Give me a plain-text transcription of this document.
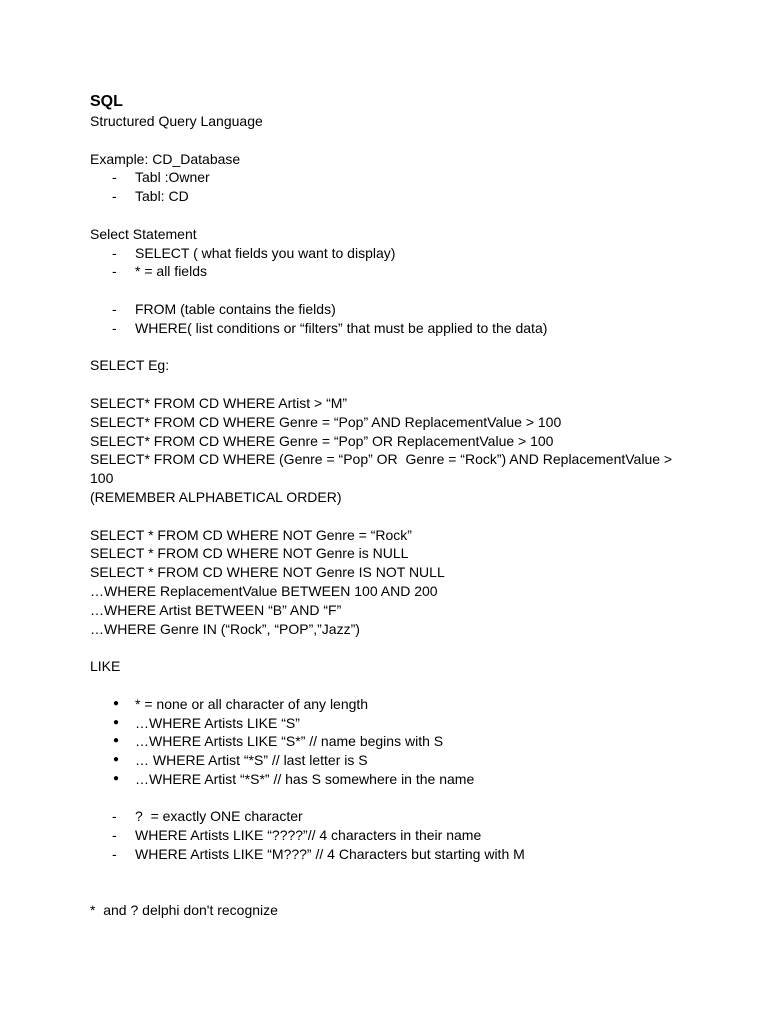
SQL

Structured Query Language

Example: CD_Database

- Tabl :Owner
- Tabl: CD

Select Statement

- SELECT ( what fields you want to display)
- * = all fields
- FROM (table contains the fields)
- WHERE( list conditions or “filters” that must be applied to the data)

SELECT Eg:

SELECT* FROM CD WHERE Artist > “M”

SELECT* FROM CD WHERE Genre = “Pop” AND ReplacementValue > 100

SELECT* FROM CD WHERE Genre = “Pop” OR ReplacementValue > 100

SELECT* FROM CD WHERE (Genre = “Pop” OR  Genre = “Rock”) AND ReplacementValue >

100

(REMEMBER ALPHABETICAL ORDER)

SELECT * FROM CD WHERE NOT Genre = “Rock”

SELECT * FROM CD WHERE NOT Genre is NULL

SELECT * FROM CD WHERE NOT Genre IS NOT NULL

…WHERE ReplacementValue BETWEEN 100 AND 200

…WHERE Artist BETWEEN “B” AND “F”

…WHERE Genre IN (“Rock”, “POP”,”Jazz”)

LIKE

● * = none or all character of any length
● …WHERE Artists LIKE “S”
● …WHERE Artists LIKE “S*” // name begins with S
● … WHERE Artist “*S” // last letter is S
● …WHERE Artist “*S*” // has S somewhere in the name
- ?  = exactly ONE character
- WHERE Artists LIKE “????”// 4 characters in their name
- WHERE Artists LIKE “M???” // 4 Characters but starting with M

*  and ? delphi don't recognize
